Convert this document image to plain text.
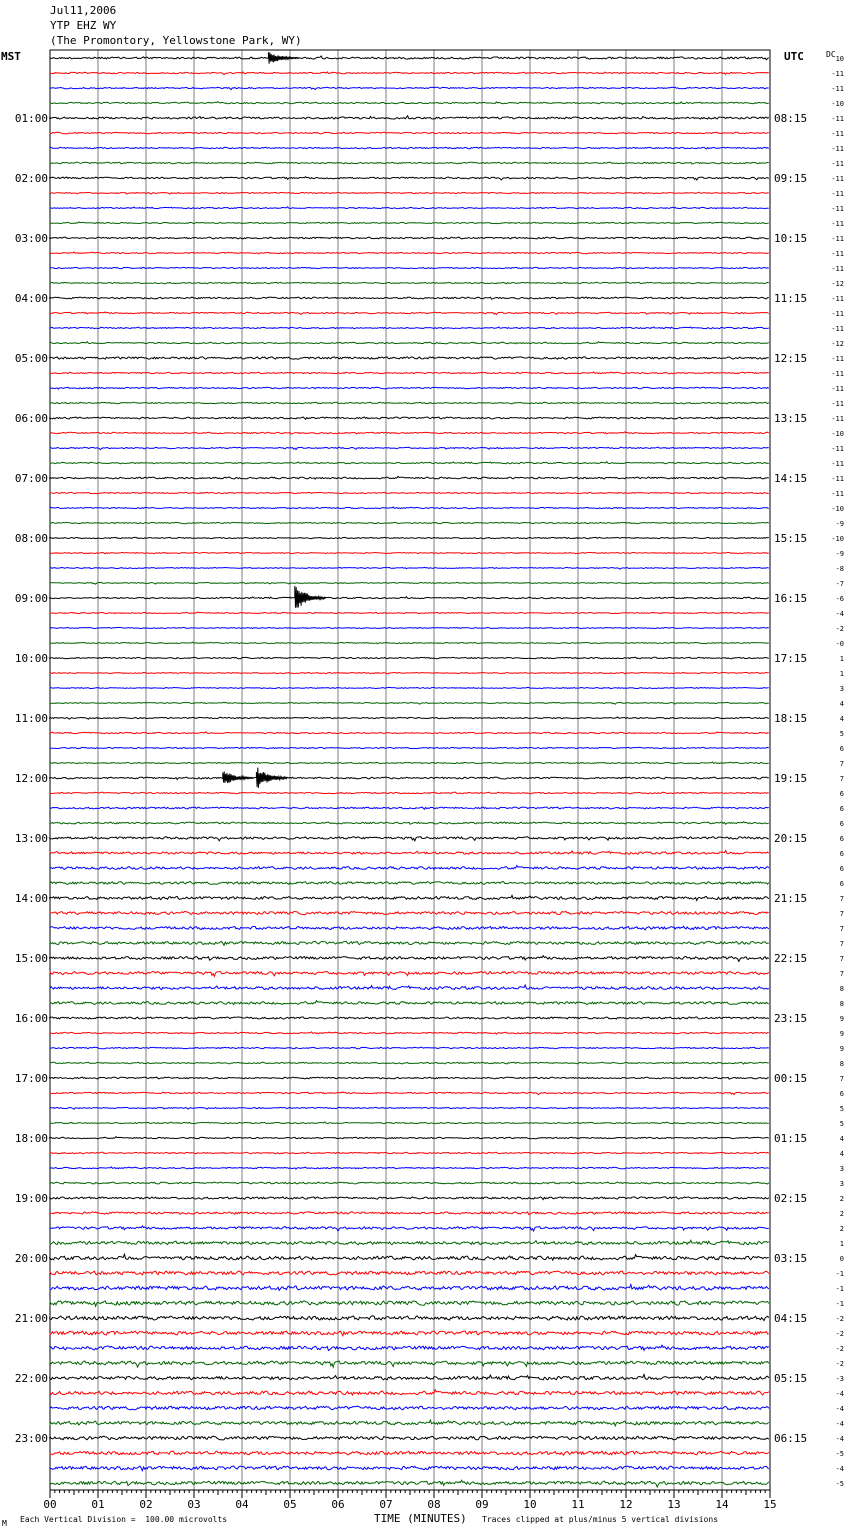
01:00
02:00
03:00
04:00
05:00
06:00
07:00
08:00
09:00
10:00
11:00
12:00
13:00
14:00
15:00
16:00
17:00
18:00
19:00
20:00
21:00
22:00
23:00
08:15
09:15
10:15
11:15
12:15
13:15
14:15
15:15
16:15
17:15
18:15
19:15
20:15
21:15
22:15
23:15
00:15
01:15
02:15
03:15
04:15
05:15
06:15
10
-11
-11
-10
-11
-11
-11
-11
-11
-11
-11
-11
-11
-11
-11
-12
-11
-11
-11
-12
-11
-11
-11
-11
-11
-10
-11
-11
-11
-11
-10
-9
-10
-9
-8
-7
-6
-4
-2
-0
1
1
3
4
4
5
6
7
7
6
6
6
6
6
6
6
7
7
7
7
7
7
8
8
9
9
9
8
7
6
5
5
4
4
3
3
2
2
2
1
0
-1
-1
-1
-2
-2
-2
-2
-3
-4
-4
-4
-4
-5
-4
-5
00	01	02	03	04	05	06	07	08	09	10	11	12	13	14	15
Jul11,2006
YTP EHZ WY
(The Promontory, Yellowstone Park, WY)
MST	UTC	DC
TIME (MINUTES)
M Each Vertical Division =  100.00 microvolts	Traces clipped at plus/minus 5 vertical divisions
